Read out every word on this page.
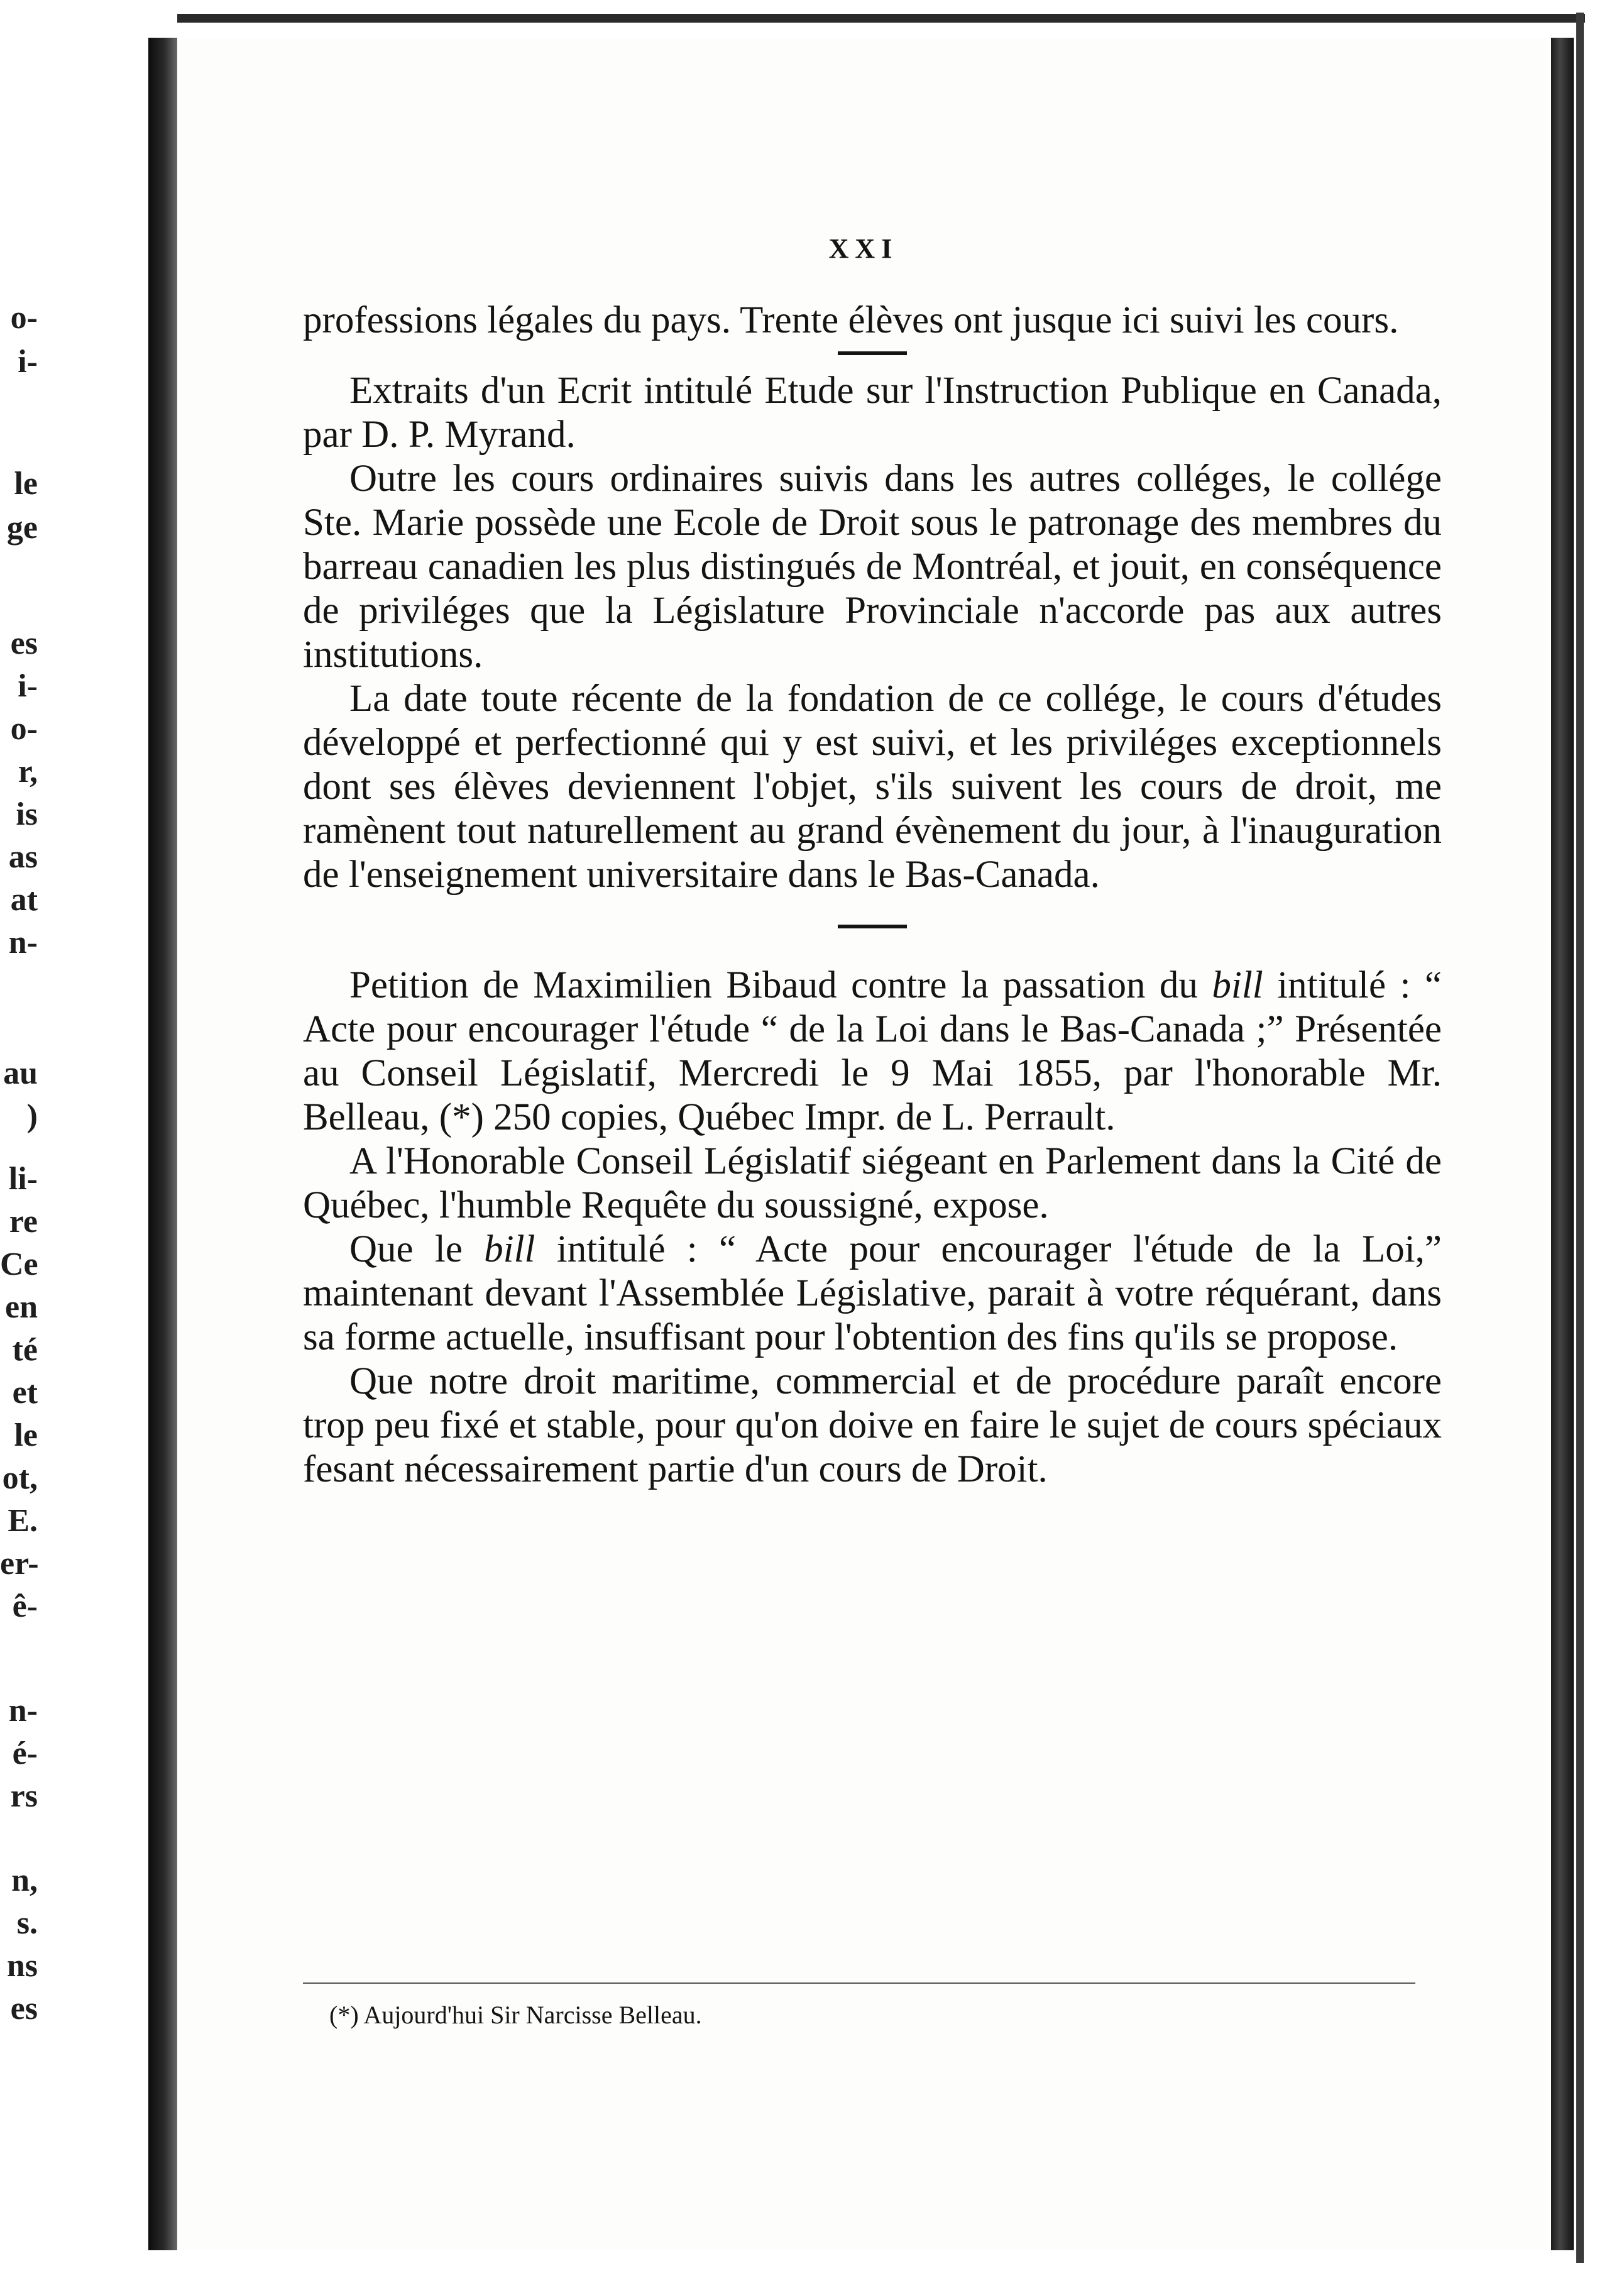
o-
i-
le
ge
es
i-
o-
r,
is
as
at
n-
au
)
li-
re
Ce
en
té
et
le
ot,
E.
er-
ê-
n-
é-
rs
n,
s.
ns
es
XXI

professions légales du pays. Trente élèves ont jusque ici suivi les cours.

Extraits d'un Ecrit intitulé Etude sur l'Instruction Publique en Canada, par D. P. Myrand.

Outre les cours ordinaires suivis dans les autres colléges, le collége Ste. Marie possède une Ecole de Droit sous le patronage des membres du barreau canadien les plus distingués de Montréal, et jouit, en conséquence de priviléges que la Législature Provinciale n'accorde pas aux autres institutions.

La date toute récente de la fondation de ce collége, le cours d'études développé et perfectionné qui y est suivi, et les priviléges exceptionnels dont ses élèves deviennent l'objet, s'ils suivent les cours de droit, me ramènent tout naturellement au grand évènement du jour, à l'inauguration de l'enseignement universitaire dans le Bas-Canada.

Petition de Maximilien Bibaud contre la passation du bill intitulé : “ Acte pour encourager l'étude “ de la Loi dans le Bas-Canada ;” Présentée au Conseil Législatif, Mercredi le 9 Mai 1855, par l'honorable Mr. Belleau, (*) 250 copies, Québec Impr. de L. Perrault.

A l'Honorable Conseil Législatif siégeant en Parlement dans la Cité de Québec, l'humble Requête du soussigné, expose.

Que le bill intitulé : “ Acte pour encourager l'étude de la Loi,” maintenant devant l'Assemblée Législative, parait à votre réquérant, dans sa forme actuelle, insuffisant pour l'obtention des fins qu'ils se propose.

Que notre droit maritime, commercial et de procédure paraît encore trop peu fixé et stable, pour qu'on doive en faire le sujet de cours spéciaux fesant nécessairement partie d'un cours de Droit.

(*) Aujourd'hui Sir Narcisse Belleau.
